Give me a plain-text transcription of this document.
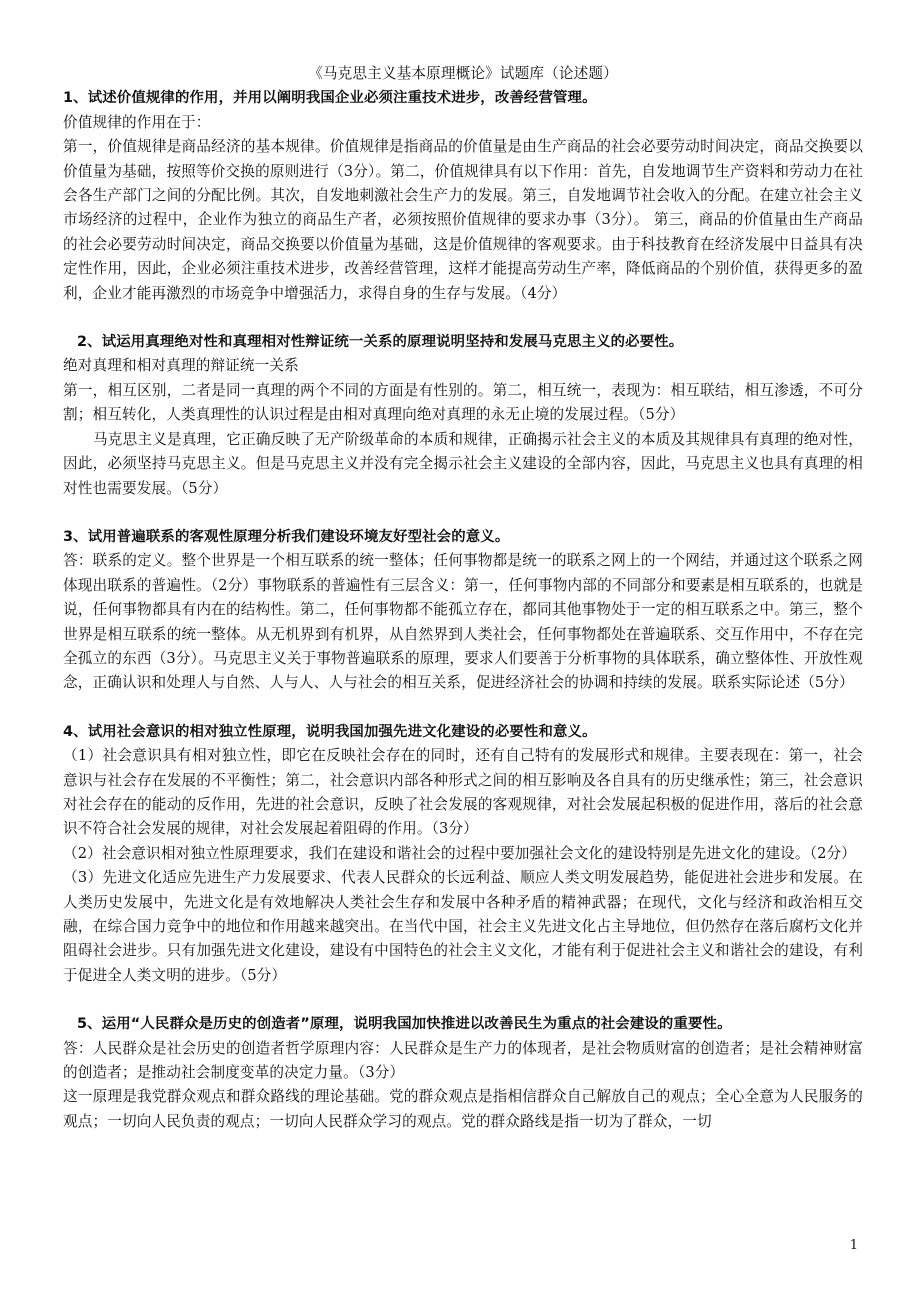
《马克思主义基本原理概论》试题库（论述题）

1、试述价值规律的作用，并用以阐明我国企业必须注重技术进步，改善经营管理。

价值规律的作用在于：

第一，价值规律是商品经济的基本规律。价值规律是指商品的价值量是由生产商品的社会必要劳动时间决定，商品交换要以价值量为基础，按照等价交换的原则进行（3分）。第二，价值规律具有以下作用：首先，自发地调节生产资料和劳动力在社会各生产部门之间的分配比例。其次，自发地刺激社会生产力的发展。第三，自发地调节社会收入的分配。在建立社会主义市场经济的过程中，企业作为独立的商品生产者，必须按照价值规律的要求办事（3分）。 第三，商品的价值量由生产商品的社会必要劳动时间决定，商品交换要以价值量为基础，这是价值规律的客观要求。由于科技教育在经济发展中日益具有决定性作用，因此，企业必须注重技术进步，改善经营管理，这样才能提高劳动生产率，降低商品的个别价值，获得更多的盈利，企业才能再激烈的市场竞争中增强活力，求得自身的生存与发展。（4分）

2、试运用真理绝对性和真理相对性辩证统一关系的原理说明坚持和发展马克思主义的必要性。

绝对真理和相对真理的辩证统一关系

第一，相互区别，二者是同一真理的两个不同的方面是有性别的。第二，相互统一，表现为：相互联结，相互渗透，不可分割；相互转化，人类真理性的认识过程是由相对真理向绝对真理的永无止境的发展过程。（5分）

马克思主义是真理，它正确反映了无产阶级革命的本质和规律，正确揭示社会主义的本质及其规律具有真理的绝对性，因此，必须坚持马克思主义。但是马克思主义并没有完全揭示社会主义建设的全部内容，因此，马克思主义也具有真理的相对性也需要发展。（5分）

3、试用普遍联系的客观性原理分析我们建设环境友好型社会的意义。

答：联系的定义。整个世界是一个相互联系的统一整体；任何事物都是统一的联系之网上的一个网结，并通过这个联系之网体现出联系的普遍性。（2分）事物联系的普遍性有三层含义：第一，任何事物内部的不同部分和要素是相互联系的，也就是说，任何事物都具有内在的结构性。第二，任何事物都不能孤立存在，都同其他事物处于一定的相互联系之中。第三，整个世界是相互联系的统一整体。从无机界到有机界，从自然界到人类社会，任何事物都处在普遍联系、交互作用中，不存在完全孤立的东西（3分）。马克思主义关于事物普遍联系的原理，要求人们要善于分析事物的具体联系，确立整体性、开放性观念，正确认识和处理人与自然、人与人、人与社会的相互关系，促进经济社会的协调和持续的发展。联系实际论述（5分）

4、试用社会意识的相对独立性原理，说明我国加强先进文化建设的必要性和意义。

（1）社会意识具有相对独立性，即它在反映社会存在的同时，还有自己特有的发展形式和规律。主要表现在：第一，社会意识与社会存在发展的不平衡性；第二，社会意识内部各种形式之间的相互影响及各自具有的历史继承性；第三，社会意识对社会存在的能动的反作用，先进的社会意识，反映了社会发展的客观规律，对社会发展起积极的促进作用，落后的社会意识不符合社会发展的规律，对社会发展起着阻碍的作用。（3分）

（2）社会意识相对独立性原理要求，我们在建设和谐社会的过程中要加强社会文化的建设特别是先进文化的建设。（2分）

（3）先进文化适应先进生产力发展要求、代表人民群众的长远利益、顺应人类文明发展趋势，能促进社会进步和发展。在人类历史发展中，先进文化是有效地解决人类社会生存和发展中各种矛盾的精神武器；在现代，文化与经济和政治相互交融，在综合国力竞争中的地位和作用越来越突出。在当代中国，社会主义先进文化占主导地位，但仍然存在落后腐朽文化并阻碍社会进步。只有加强先进文化建设，建设有中国特色的社会主义文化，才能有利于促进社会主义和谐社会的建设，有利于促进全人类文明的进步。（5分）

5、运用“人民群众是历史的创造者”原理，说明我国加快推进以改善民生为重点的社会建设的重要性。

答：人民群众是社会历史的创造者哲学原理内容：人民群众是生产力的体现者，是社会物质财富的创造者；是社会精神财富的创造者；是推动社会制度变革的决定力量。（3分）

这一原理是我党群众观点和群众路线的理论基础。党的群众观点是指相信群众自己解放自己的观点；全心全意为人民服务的观点；一切向人民负责的观点；一切向人民群众学习的观点。党的群众路线是指一切为了群众，一切

1
